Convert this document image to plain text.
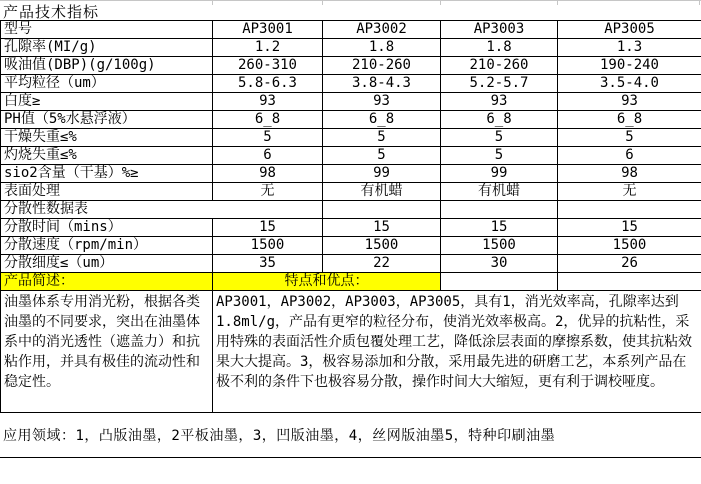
产品技术指标
型号	AP3001	AP3002	AP3003	AP3005
孔隙率(MI/g)	1.2	1.8	1.8	1.3
吸油值(DBP)(g/100g)	260-310	210-260	210-260	190-240
平均粒径（um）	5.8-6.3	3.8-4.3	5.2-5.7	3.5-4.0
白度≥	93	93	93	93
PH值（5%水悬浮液）	6_8	6_8	6_8	6_8
干燥失重≤%	5	5	5	5
灼烧失重≤%	6	5	5	6
sio2含量（干基）%≥	98	99	99	98
表面处理	无	有机蜡	有机蜡	无
分散性数据表				
分散时间（mins）	15	15	15	15
分散速度（rpm/min）	1500	1500	1500	1500
分散细度≤（um）	35	22	30	26
产品简述：	特点和优点：			
油墨体系专用消光粉，根据各类油墨的不同要求，突出在油墨体系中的消光透性（遮盖力）和抗粘作用，并具有极佳的流动性和稳定性。	AP3001，AP3002，AP3003，AP3005，具有1，消光效率高，孔隙率达到1.8ml/g，产品有更窄的粒径分布，使消光效率极高。2，优异的抗粘性，采用特殊的表面活性介质包覆处理工艺，降低涂层表面的摩擦系数，使其抗粘效果大大提高。3，极容易添加和分散，采用最先进的研磨工艺，本系列产品在极不利的条件下也极容易分散，操作时间大大缩短，更有利于调校哑度。			
应用领域：1，凸版油墨，2平板油墨，3，凹版油墨，4，丝网版油墨5，特种印刷油墨
